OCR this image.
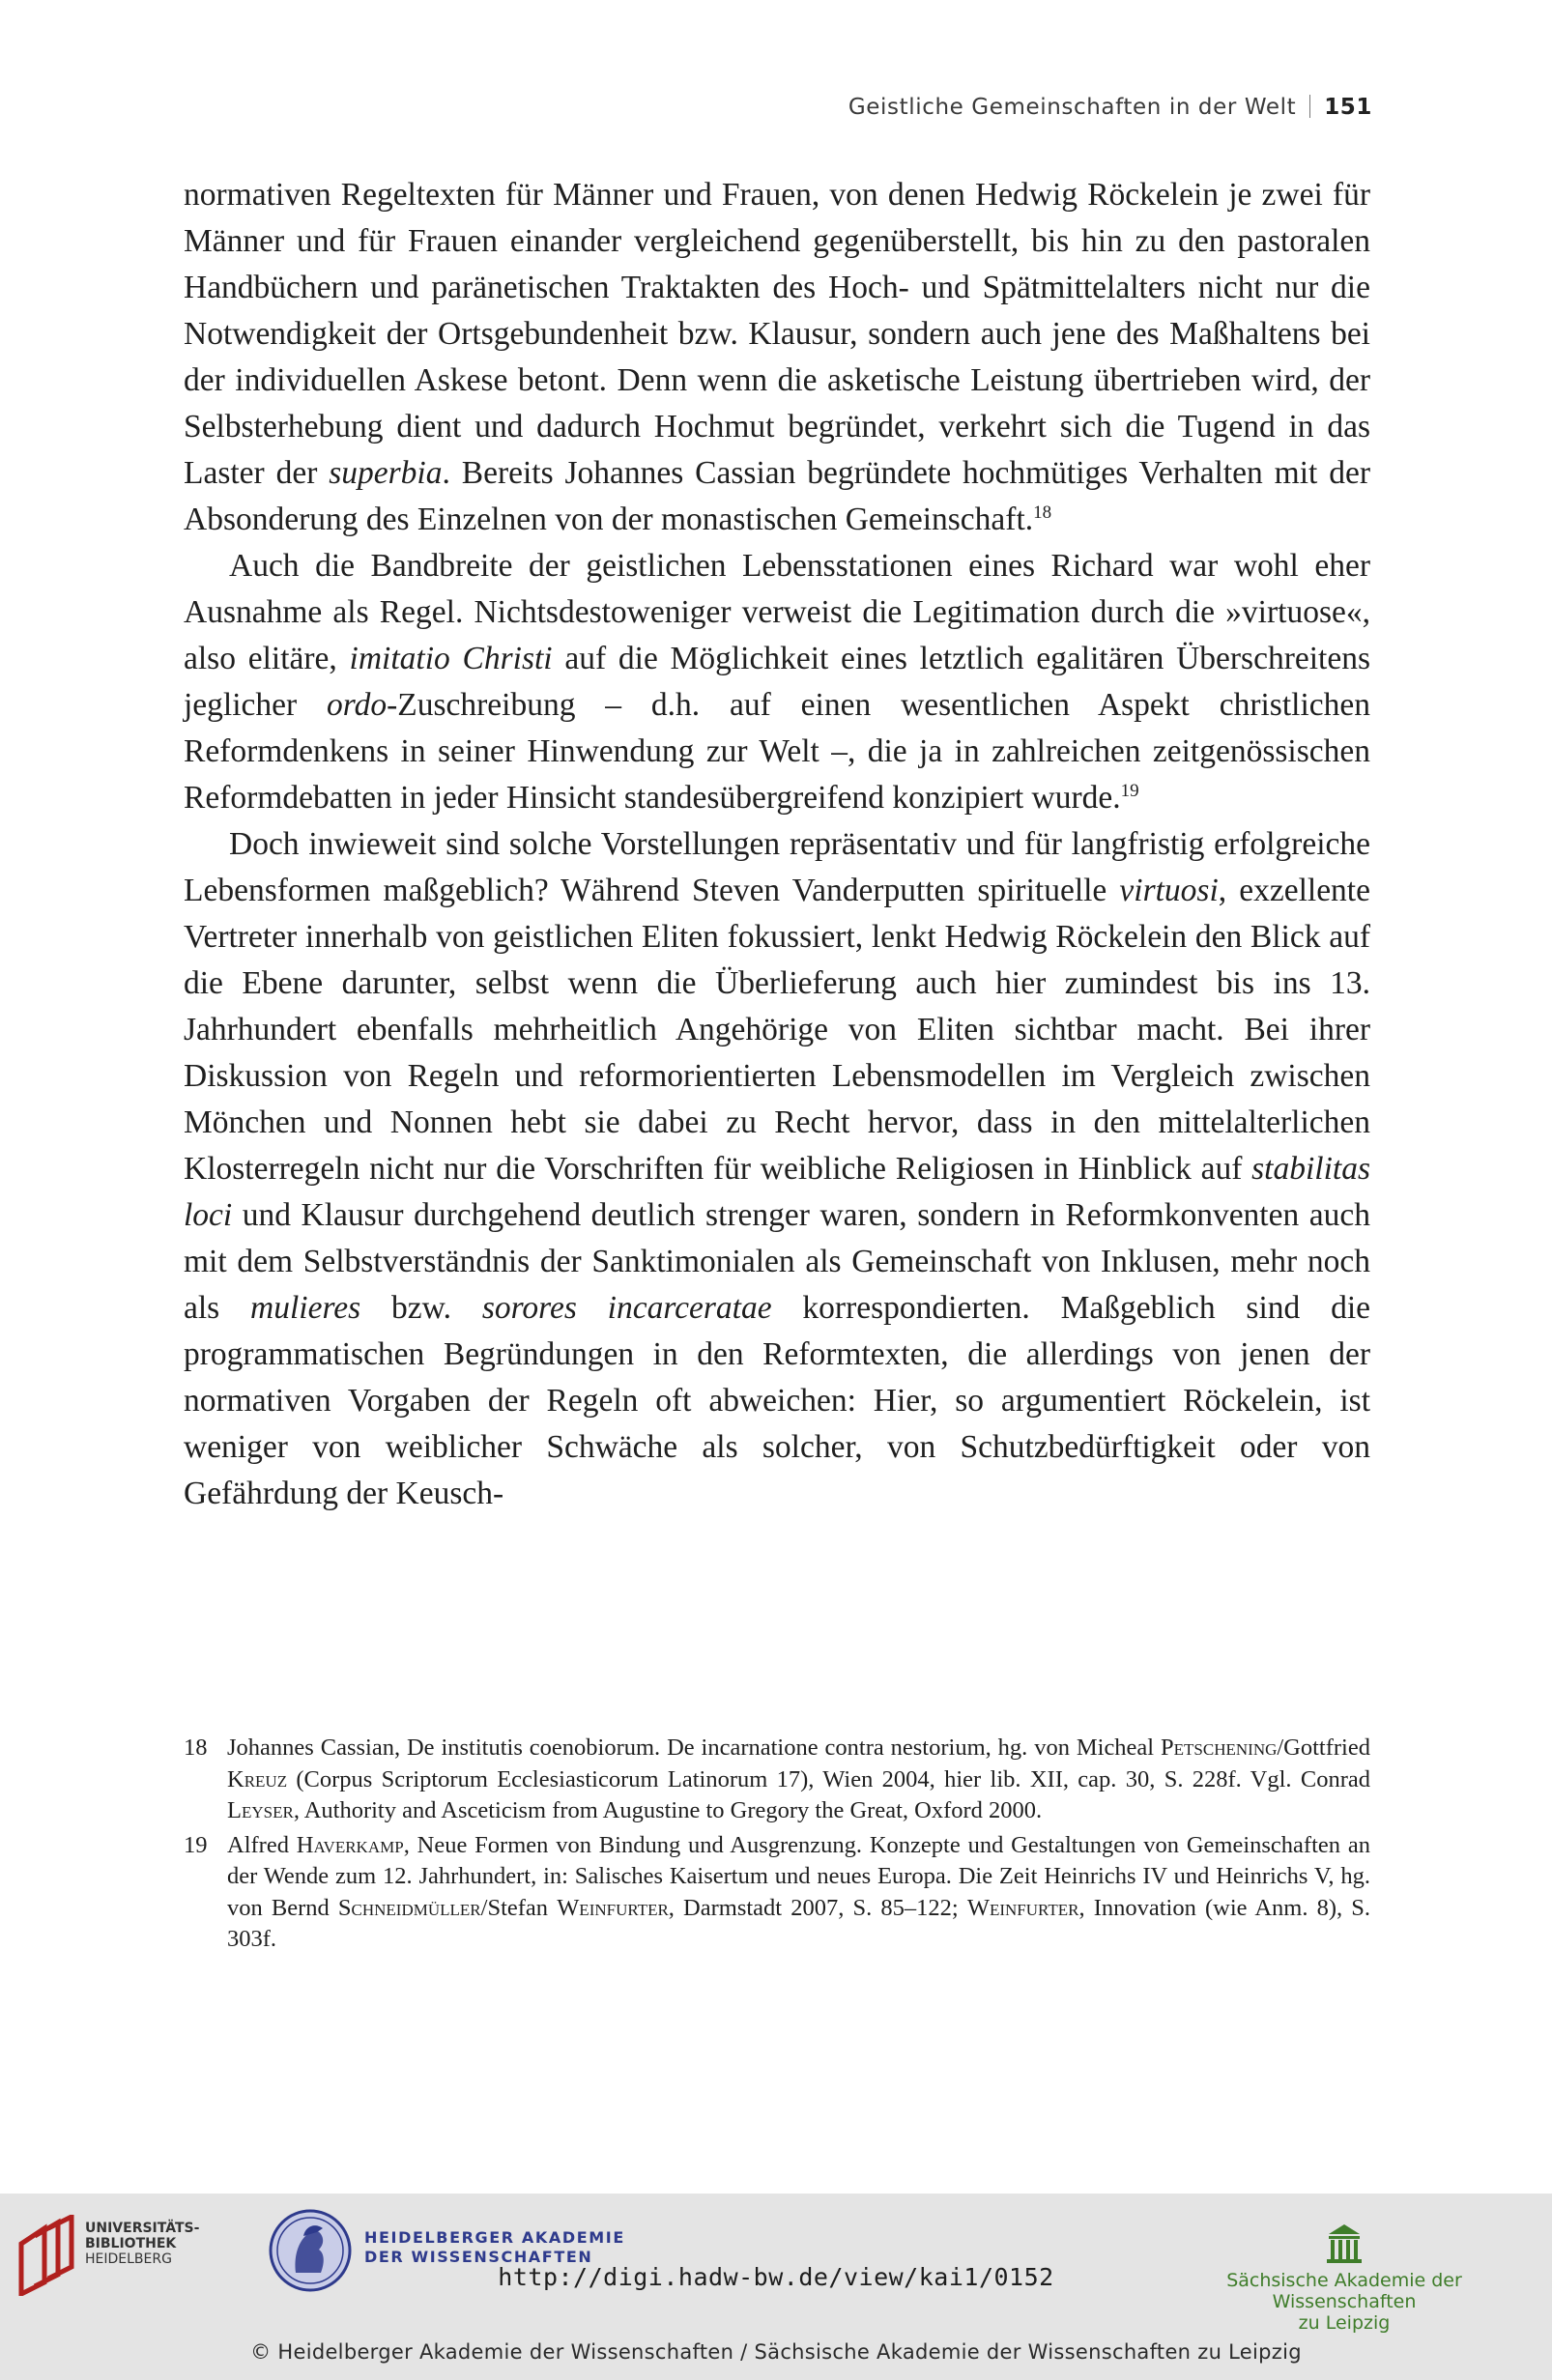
Geistliche Gemeinschaften in der Welt 151

normativen Regeltexten für Männer und Frauen, von denen Hedwig Röckelein je zwei für Männer und für Frauen einander vergleichend gegenüberstellt, bis hin zu den pastoralen Handbüchern und paränetischen Traktakten des Hoch- und Spätmittelalters nicht nur die Notwendigkeit der Ortsgebundenheit bzw. Klausur, sondern auch jene des Maßhaltens bei der individuellen Askese betont. Denn wenn die asketische Leistung übertrieben wird, der Selbsterhebung dient und dadurch Hochmut begründet, verkehrt sich die Tugend in das Laster der superbia. Bereits Johannes Cassian begründete hochmütiges Verhalten mit der Absonderung des Einzelnen von der monastischen Gemeinschaft.$^{18}$

Auch die Bandbreite der geistlichen Lebensstationen eines Richard war wohl eher Ausnahme als Regel. Nichtsdestoweniger verweist die Legitimation durch die »virtuose«, also elitäre, imitatio Christi auf die Möglichkeit eines letztlich egalitären Überschreitens jeglicher ordo-Zuschreibung – d.h. auf einen wesentlichen Aspekt christlichen Reformdenkens in seiner Hinwendung zur Welt –, die ja in zahlreichen zeitgenössischen Reformdebatten in jeder Hinsicht standesübergreifend konzipiert wurde.$^{19}$

Doch inwieweit sind solche Vorstellungen repräsentativ und für langfristig erfolgreiche Lebensformen maßgeblich? Während Steven Vanderputten spirituelle virtuosi, exzellente Vertreter innerhalb von geistlichen Eliten fokussiert, lenkt Hedwig Röckelein den Blick auf die Ebene darunter, selbst wenn die Überlieferung auch hier zumindest bis ins 13. Jahrhundert ebenfalls mehrheitlich Angehörige von Eliten sichtbar macht. Bei ihrer Diskussion von Regeln und reformorientierten Lebensmodellen im Vergleich zwischen Mönchen und Nonnen hebt sie dabei zu Recht hervor, dass in den mittelalterlichen Klosterregeln nicht nur die Vorschriften für weibliche Religiosen in Hinblick auf stabilitas loci und Klausur durchgehend deutlich strenger waren, sondern in Reformkonventen auch mit dem Selbstverständnis der Sanktimonialen als Gemeinschaft von Inklusen, mehr noch als mulieres bzw. sorores incarceratae korrespondierten. Maßgeblich sind die programmatischen Begründungen in den Reformtexten, die allerdings von jenen der normativen Vorgaben der Regeln oft abweichen: Hier, so argumentiert Röckelein, ist weniger von weiblicher Schwäche als solcher, von Schutzbedürftigkeit oder von Gefährdung der Keusch-

18 Johannes Cassian, De institutis coenobiorum. De incarnatione contra nestorium, hg. von Micheal Petschening/Gottfried Kreuz (Corpus Scriptorum Ecclesiasticorum Latinorum 17), Wien 2004, hier lib. XII, cap. 30, S. 228f. Vgl. Conrad Leyser, Authority and Asceticism from Augustine to Gregory the Great, Oxford 2000.
19 Alfred Haverkamp, Neue Formen von Bindung und Ausgrenzung. Konzepte und Gestaltungen von Gemeinschaften an der Wende zum 12. Jahrhundert, in: Salisches Kaisertum und neues Europa. Die Zeit Heinrichs IV und Heinrichs V, hg. von Bernd Schneidmüller/Stefan Weinfurter, Darmstadt 2007, S. 85–122; Weinfurter, Innovation (wie Anm. 8), S. 303f.
UNIVERSITÄTS-
BIBLIOTHEK
HEIDELBERG
HEIDELBERGER AKADEMIE
DER WISSENSCHAFTEN
Sächsische Akademie der Wissenschaften
zu Leipzig
http://digi.hadw-bw.de/view/kai1/0152
© Heidelberger Akademie der Wissenschaften / Sächsische Akademie der Wissenschaften zu Leipzig
